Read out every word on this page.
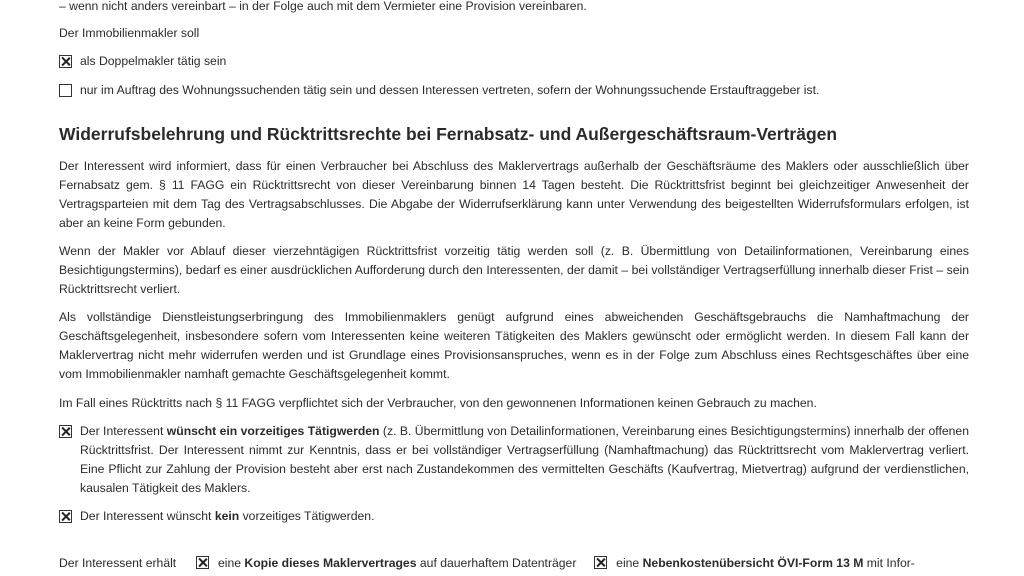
– wenn nicht anders vereinbart – in der Folge auch mit dem Vermieter eine Provision vereinbaren.
Der Immobilienmakler soll
als Doppelmakler tätig sein
nur im Auftrag des Wohnungssuchenden tätig sein und dessen Interessen vertreten, sofern der Wohnungssuchende Erstauftraggeber ist.
Widerrufsbelehrung und Rücktrittsrechte bei Fernabsatz- und Außergeschäftsraum-Verträgen
Der Interessent wird informiert, dass für einen Verbraucher bei Abschluss des Maklervertrags außerhalb der Geschäftsräume des Maklers oder ausschließlich über Fernabsatz gem. § 11 FAGG ein Rücktrittsrecht von dieser Vereinbarung binnen 14 Tagen besteht. Die Rücktrittsfrist beginnt bei gleichzeitiger Anwesenheit der Vertragsparteien mit dem Tag des Vertragsabschlusses. Die Abgabe der Widerrufserklärung kann unter Verwendung des beigestellten Widerrufsformulars erfolgen, ist aber an keine Form gebunden.
Wenn der Makler vor Ablauf dieser vierzehntägigen Rücktrittsfrist vorzeitig tätig werden soll (z. B. Übermittlung von Detailinformationen, Vereinbarung eines Besichtigungstermins), bedarf es einer ausdrücklichen Aufforderung durch den Interessenten, der damit – bei vollständiger Vertragserfüllung innerhalb dieser Frist – sein Rücktrittsrecht verliert.
Als vollständige Dienstleistungserbringung des Immobilienmaklers genügt aufgrund eines abweichenden Geschäftsgebrauchs die Namhaftmachung der Geschäftsgelegenheit, insbesondere sofern vom Interessenten keine weiteren Tätigkeiten des Maklers gewünscht oder ermöglicht werden. In diesem Fall kann der Maklervertrag nicht mehr widerrufen werden und ist Grundlage eines Provisionsanspruches, wenn es in der Folge zum Abschluss eines Rechtsgeschäftes über eine vom Immobilienmakler namhaft gemachte Geschäftsgelegenheit kommt.
Im Fall eines Rücktritts nach § 11 FAGG verpflichtet sich der Verbraucher, von den gewonnenen Informationen keinen Gebrauch zu machen.
Der Interessent wünscht ein vorzeitiges Tätigwerden (z. B. Übermittlung von Detailinformationen, Vereinbarung eines Besichtigungstermins) innerhalb der offenen Rücktrittsfrist. Der Interessent nimmt zur Kenntnis, dass er bei vollständiger Vertragserfüllung (Namhaftmachung) das Rücktrittsrecht vom Maklervertrag verliert. Eine Pflicht zur Zahlung der Provision besteht aber erst nach Zustandekommen des vermittelten Geschäfts (Kaufvertrag, Mietvertrag) aufgrund der verdienstlichen, kausalen Tätigkeit des Maklers.
Der Interessent wünscht kein vorzeitiges Tätigwerden.
Der Interessent erhält	eine Kopie dieses Maklervertrages auf dauerhaftem Datenträger	eine Nebenkostenübersicht ÖVI-Form 13 M mit Infor-
